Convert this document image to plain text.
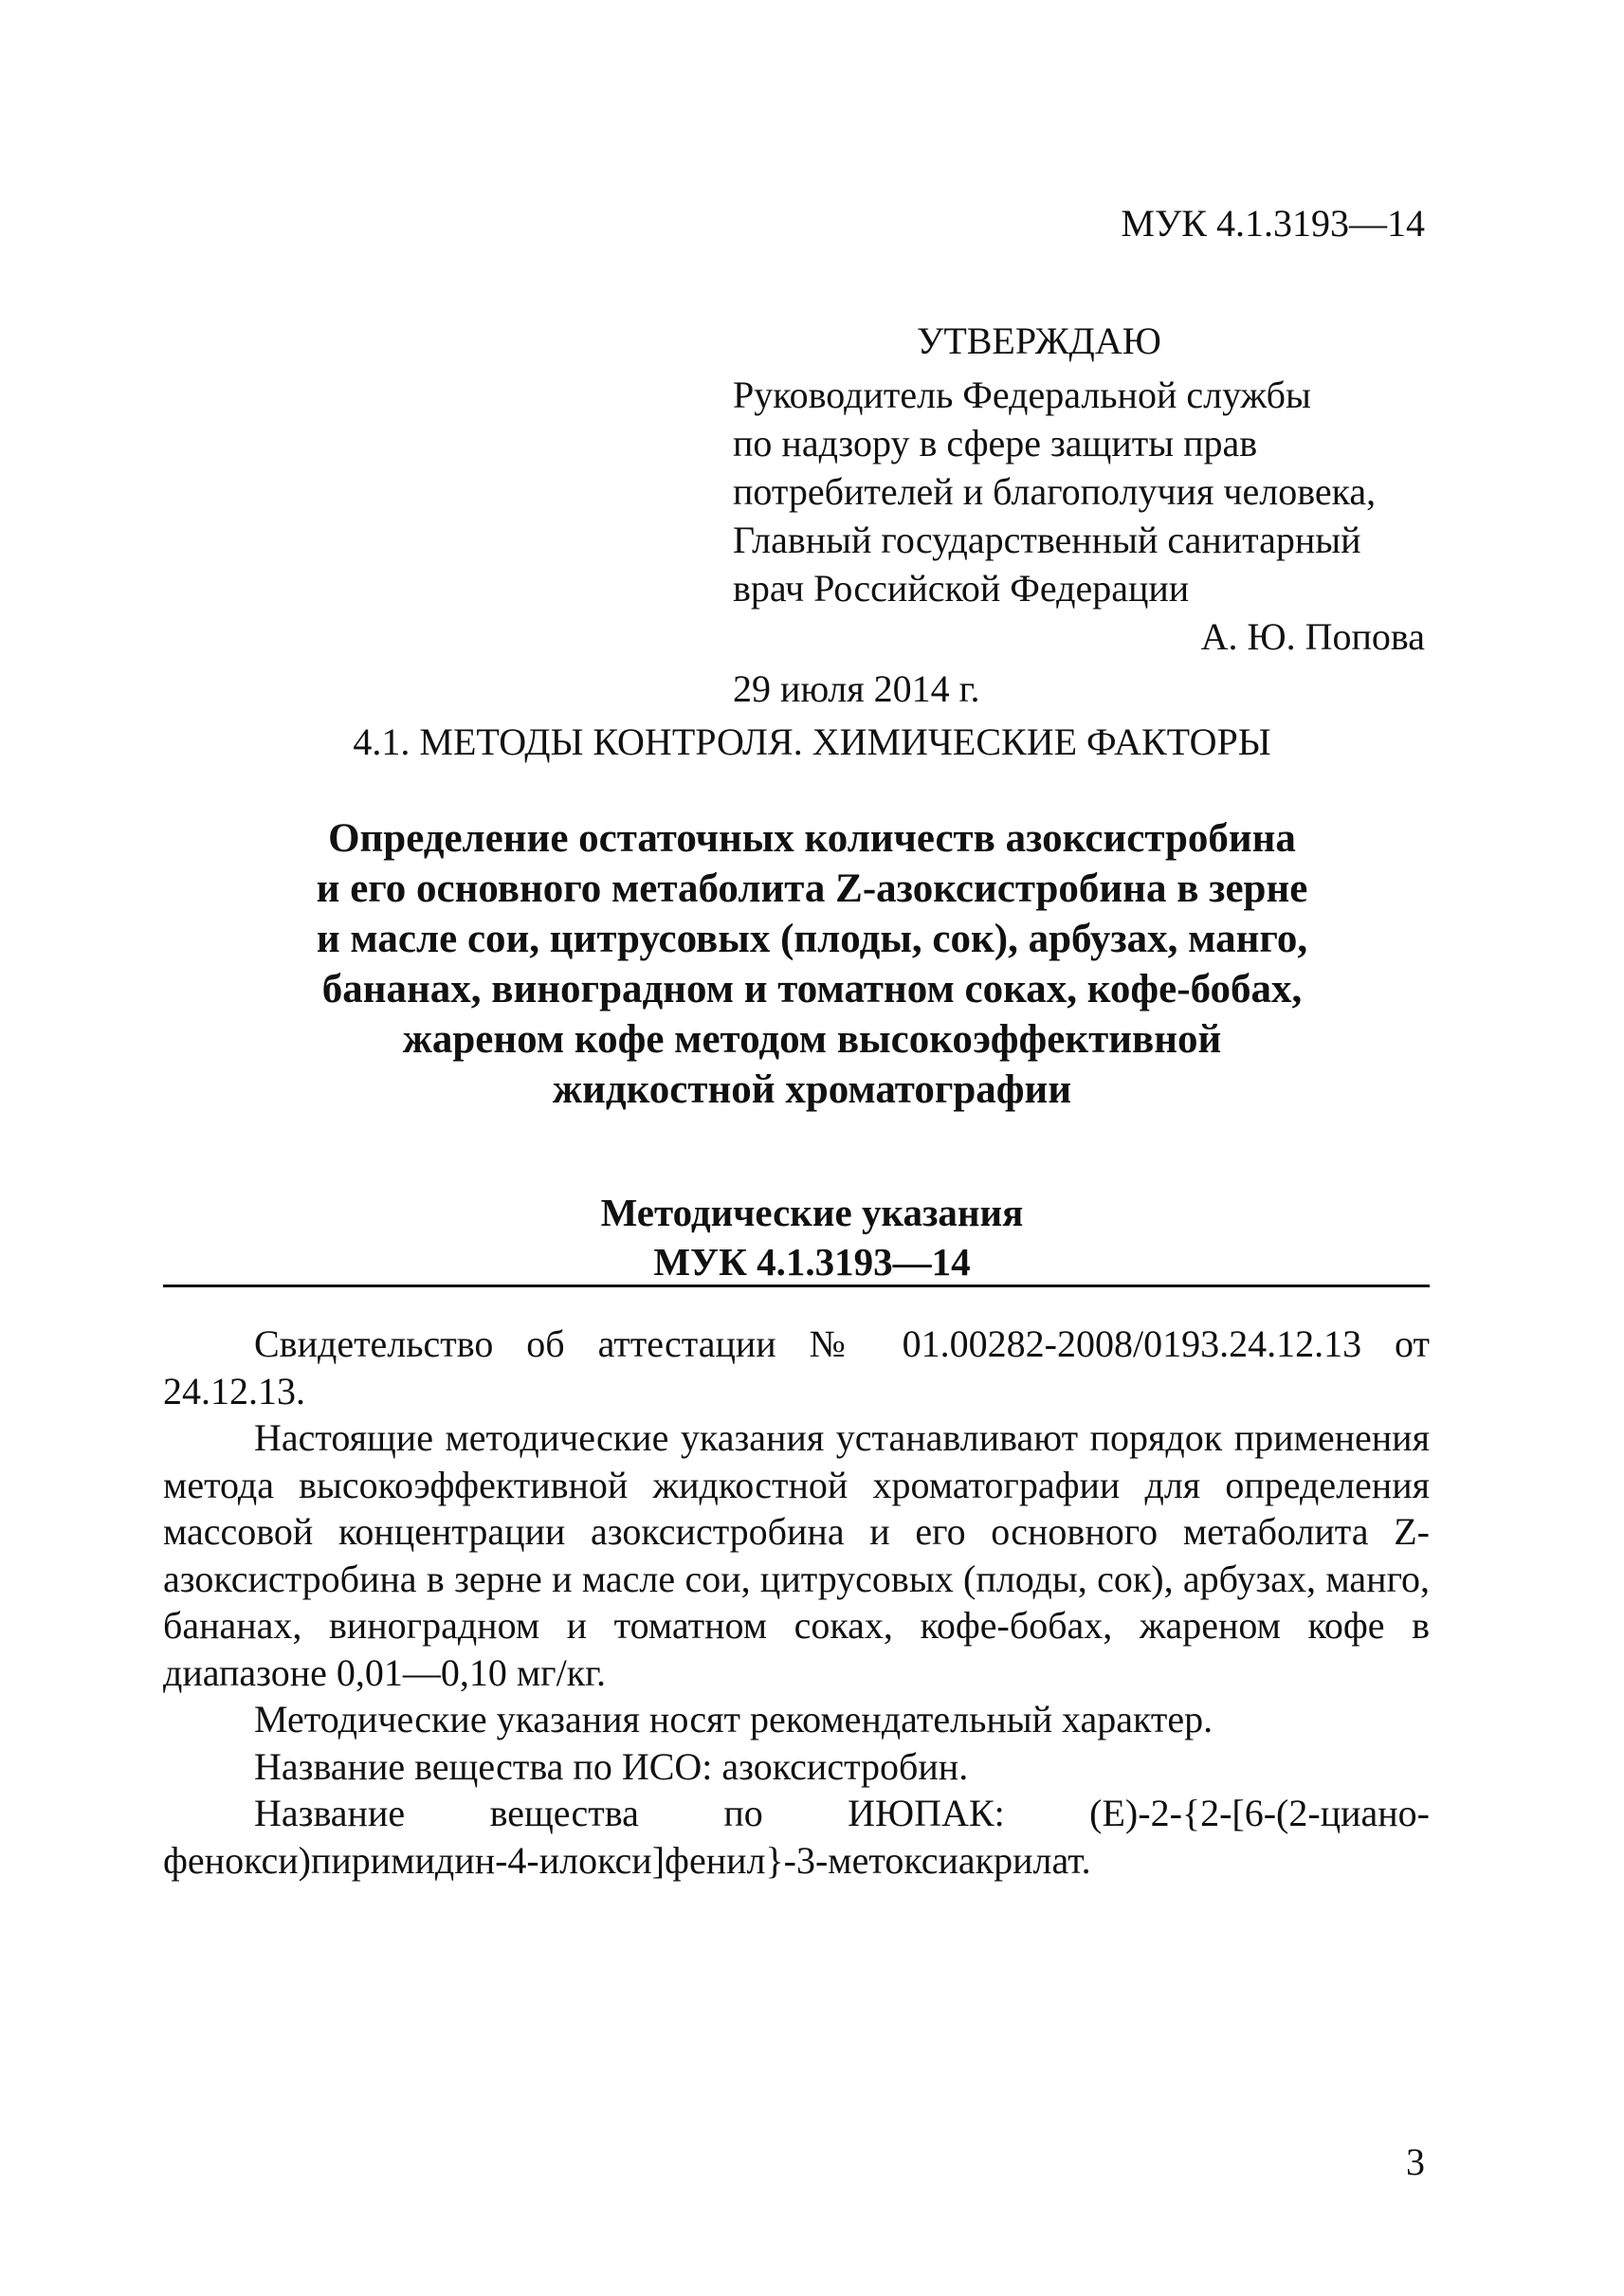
МУК 4.1.3193—14
УТВЕРЖДАЮ
Руководитель Федеральной службы
по надзору в сфере защиты прав
потребителей и благополучия человека,
Главный государственный санитарный
врач Российской Федерации
А. Ю. Попова
29 июля 2014 г.
4.1. МЕТОДЫ КОНТРОЛЯ. ХИМИЧЕСКИЕ ФАКТОРЫ
Определение остаточных количеств азоксистробина
и его основного метаболита Z-азоксистробина в зерне
и масле сои, цитрусовых (плоды, сок), арбузах, манго,
бананах, виноградном и томатном соках, кофе-бобах,
жареном кофе методом высокоэффективной
жидкостной хроматографии
Методические указания
МУК 4.1.3193—14

Свидетельство об аттестации № 01.00282-2008/0193.24.12.13 от 24.12.13.

Настоящие методические указания устанавливают порядок применения метода высокоэффективной жидкостной хроматографии для определения массовой концентрации азоксистробина и его основного метаболита Z-азоксистробина в зерне и масле сои, цитрусовых (плоды, сок), арбузах, манго, бананах, виноградном и томатном соках, кофе-бобах, жареном кофе в диапазоне 0,01—0,10 мг/кг.

Методические указания носят рекомендательный характер.

Название вещества по ИСО: азоксистробин.

Название вещества по ИЮПАК: (Е)-2-{2-[6-(2-циано-фенокси)пиримидин-4-илокси]фенил}-3-метоксиакрилат.

3
